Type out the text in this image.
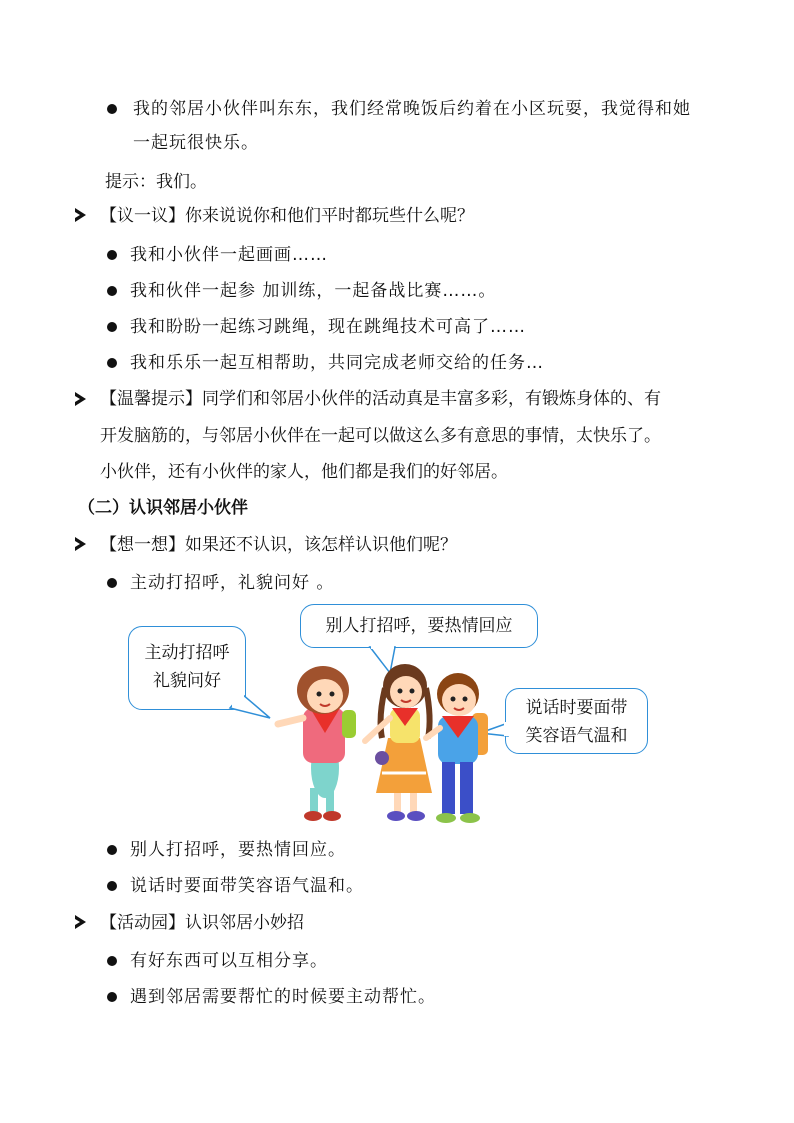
我的邻居小伙伴叫东东，我们经常晚饭后约着在小区玩耍，我觉得和她
一起玩很快乐。
提示：我们。
【议一议】你来说说你和他们平时都玩些什么呢？
我和小伙伴一起画画……
我和伙伴一起参 加训练，一起备战比赛……。
我和盼盼一起练习跳绳，现在跳绳技术可高了……
我和乐乐一起互相帮助，共同完成老师交给的任务…
【温馨提示】同学们和邻居小伙伴的活动真是丰富多彩，有锻炼身体的、有
开发脑筋的，与邻居小伙伴在一起可以做这么多有意思的事情，太快乐了。
小伙伴，还有小伙伴的家人，他们都是我们的好邻居。
（二）认识邻居小伙伴
【想一想】如果还不认识，该怎样认识他们呢？
主动打招呼，礼貌问好 。
主动打招呼
礼貌问好
别人打招呼，要热情回应
说话时要面带
笑容语气温和
别人打招呼，要热情回应。
说话时要面带笑容语气温和。
【活动园】认识邻居小妙招
有好东西可以互相分享。
遇到邻居需要帮忙的时候要主动帮忙。
